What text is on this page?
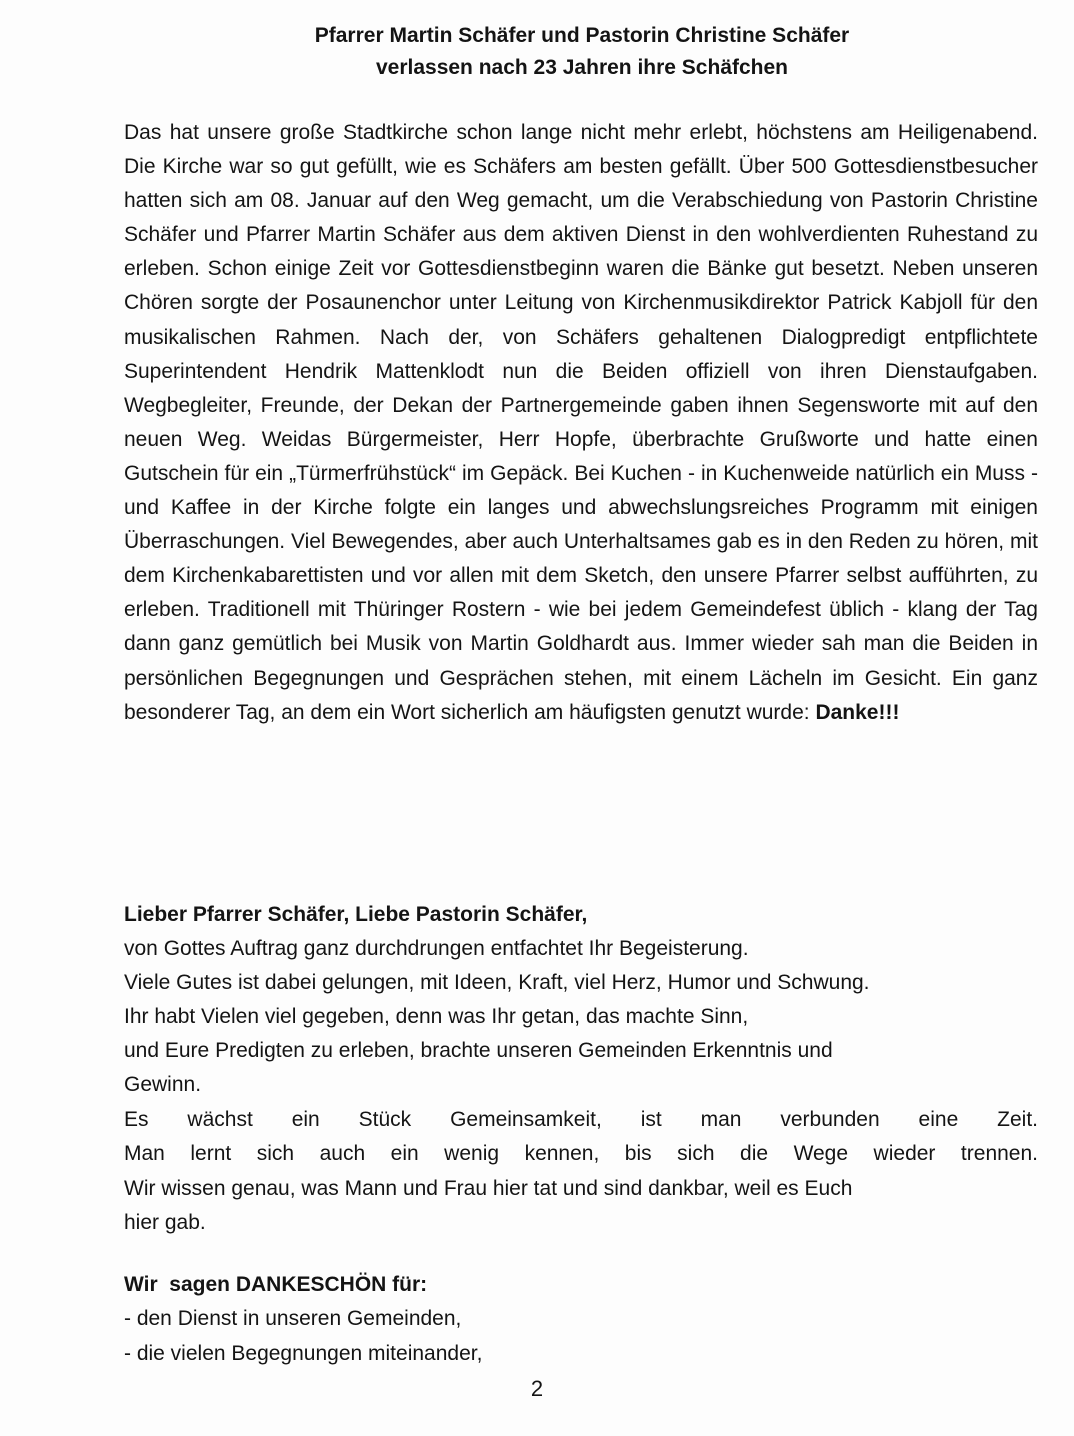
Pfarrer Martin Schäfer und Pastorin Christine Schäfer
verlassen nach 23 Jahren ihre Schäfchen
Das hat unsere große Stadtkirche schon lange nicht mehr erlebt, höchstens am Heiligenabend. Die Kirche war so gut gefüllt, wie es Schäfers am besten gefällt. Über 500 Gottesdienstbesucher hatten sich am 08. Januar auf den Weg gemacht, um die Verabschiedung von Pastorin Christine Schäfer und Pfarrer Martin Schäfer aus dem aktiven Dienst in den wohlverdienten Ruhestand zu erleben. Schon einige Zeit vor Gottesdienstbeginn waren die Bänke gut besetzt. Neben unseren Chören sorgte der Posaunenchor unter Leitung von Kirchenmusikdirektor Patrick Kabjoll für den musikalischen Rahmen. Nach der, von Schäfers gehaltenen Dialogpredigt entpflichtete Superintendent Hendrik Mattenklodt nun die Beiden offiziell von ihren Dienstaufgaben. Wegbegleiter, Freunde, der Dekan der Partnergemeinde gaben ihnen Segensworte mit auf den neuen Weg. Weidas Bürgermeister, Herr Hopfe, überbrachte Grußworte und hatte einen Gutschein für ein „Türmerfrühstück“ im Gepäck. Bei Kuchen - in Kuchenweide natürlich ein Muss - und Kaffee in der Kirche folgte ein langes und abwechslungsreiches Programm mit einigen Überraschungen. Viel Bewegendes, aber auch Unterhaltsames gab es in den Reden zu hören, mit dem Kirchenkabarettisten und vor allen mit dem Sketch, den unsere Pfarrer selbst aufführten, zu erleben. Traditionell mit Thüringer Rostern - wie bei jedem Gemeindefest üblich - klang der Tag dann ganz gemütlich bei Musik von Martin Goldhardt aus. Immer wieder sah man die Beiden in persönlichen Begegnungen und Gesprächen stehen, mit einem Lächeln im Gesicht. Ein ganz besonderer Tag, an dem ein Wort sicherlich am häufigsten genutzt wurde: Danke!!!
Lieber Pfarrer Schäfer, Liebe Pastorin Schäfer,
von Gottes Auftrag ganz durchdrungen entfachtet Ihr Begeisterung.
Viele Gutes ist dabei gelungen, mit Ideen, Kraft, viel Herz, Humor und Schwung.
Ihr habt Vielen viel gegeben, denn was Ihr getan, das machte Sinn,
und Eure Predigten zu erleben, brachte unseren Gemeinden Erkenntnis und
Gewinn.
Es wächst ein Stück Gemeinsamkeit, ist man verbunden eine Zeit.
Man lernt sich auch ein wenig kennen, bis sich die Wege wieder trennen.
Wir wissen genau, was Mann und Frau hier tat und sind dankbar, weil es Euch
hier gab.
Wir  sagen DANKESCHÖN für:
- den Dienst in unseren Gemeinden,
- die vielen Begegnungen miteinander,
2
